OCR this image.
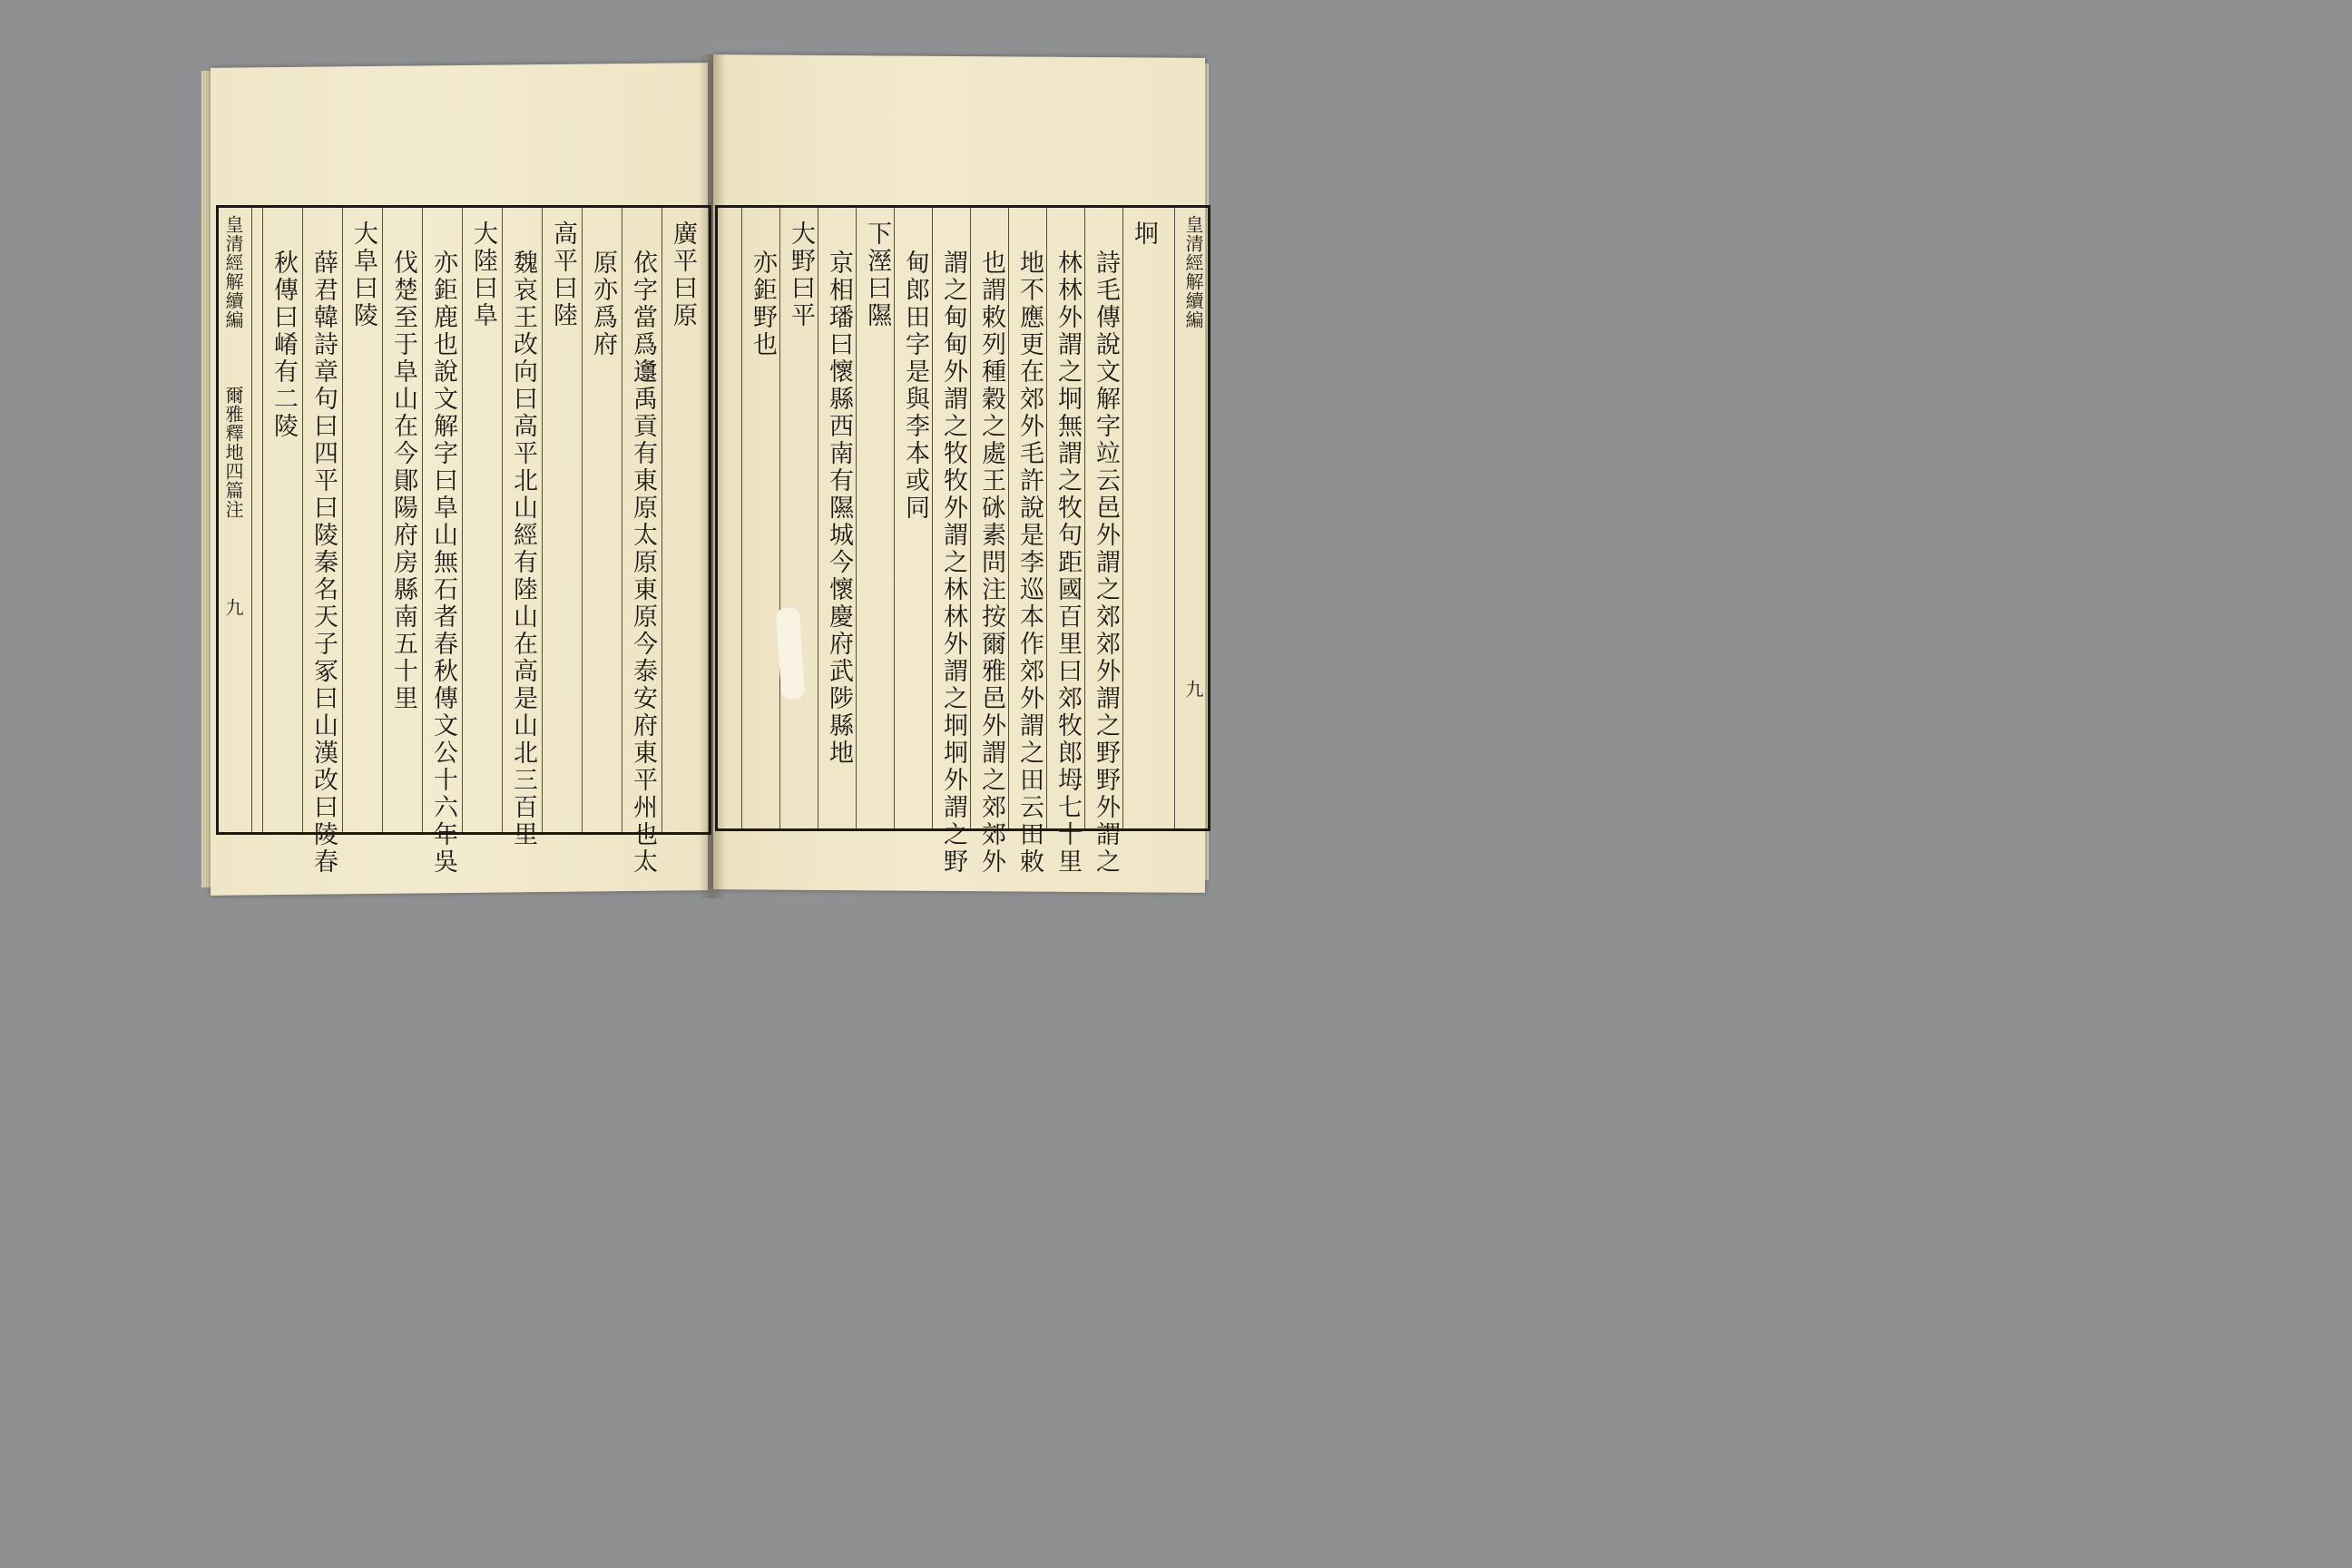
皇清經解續編
爾雅釋地四篇注
九
廣平曰原
依字當爲邍禹貢有東原太原東原今泰安府東平州也太
原亦爲府
高平曰陸
魏哀王改向曰高平北山經有陸山在高是山北三百里
大陸曰阜
亦鉅鹿也說文解字曰阜山無石者春秋傳文公十六年吳
伐楚至于阜山在今鄖陽府房縣南五十里
大阜曰陵
薛君韓詩章句曰四平曰陵秦名天子冢曰山漢改曰陵春
秋傳曰崤有二陵	皇清經解續編
九
坰
詩毛傳說文解字竝云邑外謂之郊郊外謂之野野外謂之
林林外謂之坰無謂之牧句距國百里曰郊牧郎坶七十里
地不應更在郊外毛許說是李巡本作郊外謂之田云田敕
也謂敕列種穀之處王砯素問注按爾雅邑外謂之郊郊外
謂之甸甸外謂之牧牧外謂之林林外謂之坰坰外謂之野
甸郎田字是與李本或同
下溼曰隰
京相璠曰懷縣西南有隰城今懷慶府武陟縣地
大野曰平
亦鉅野也
